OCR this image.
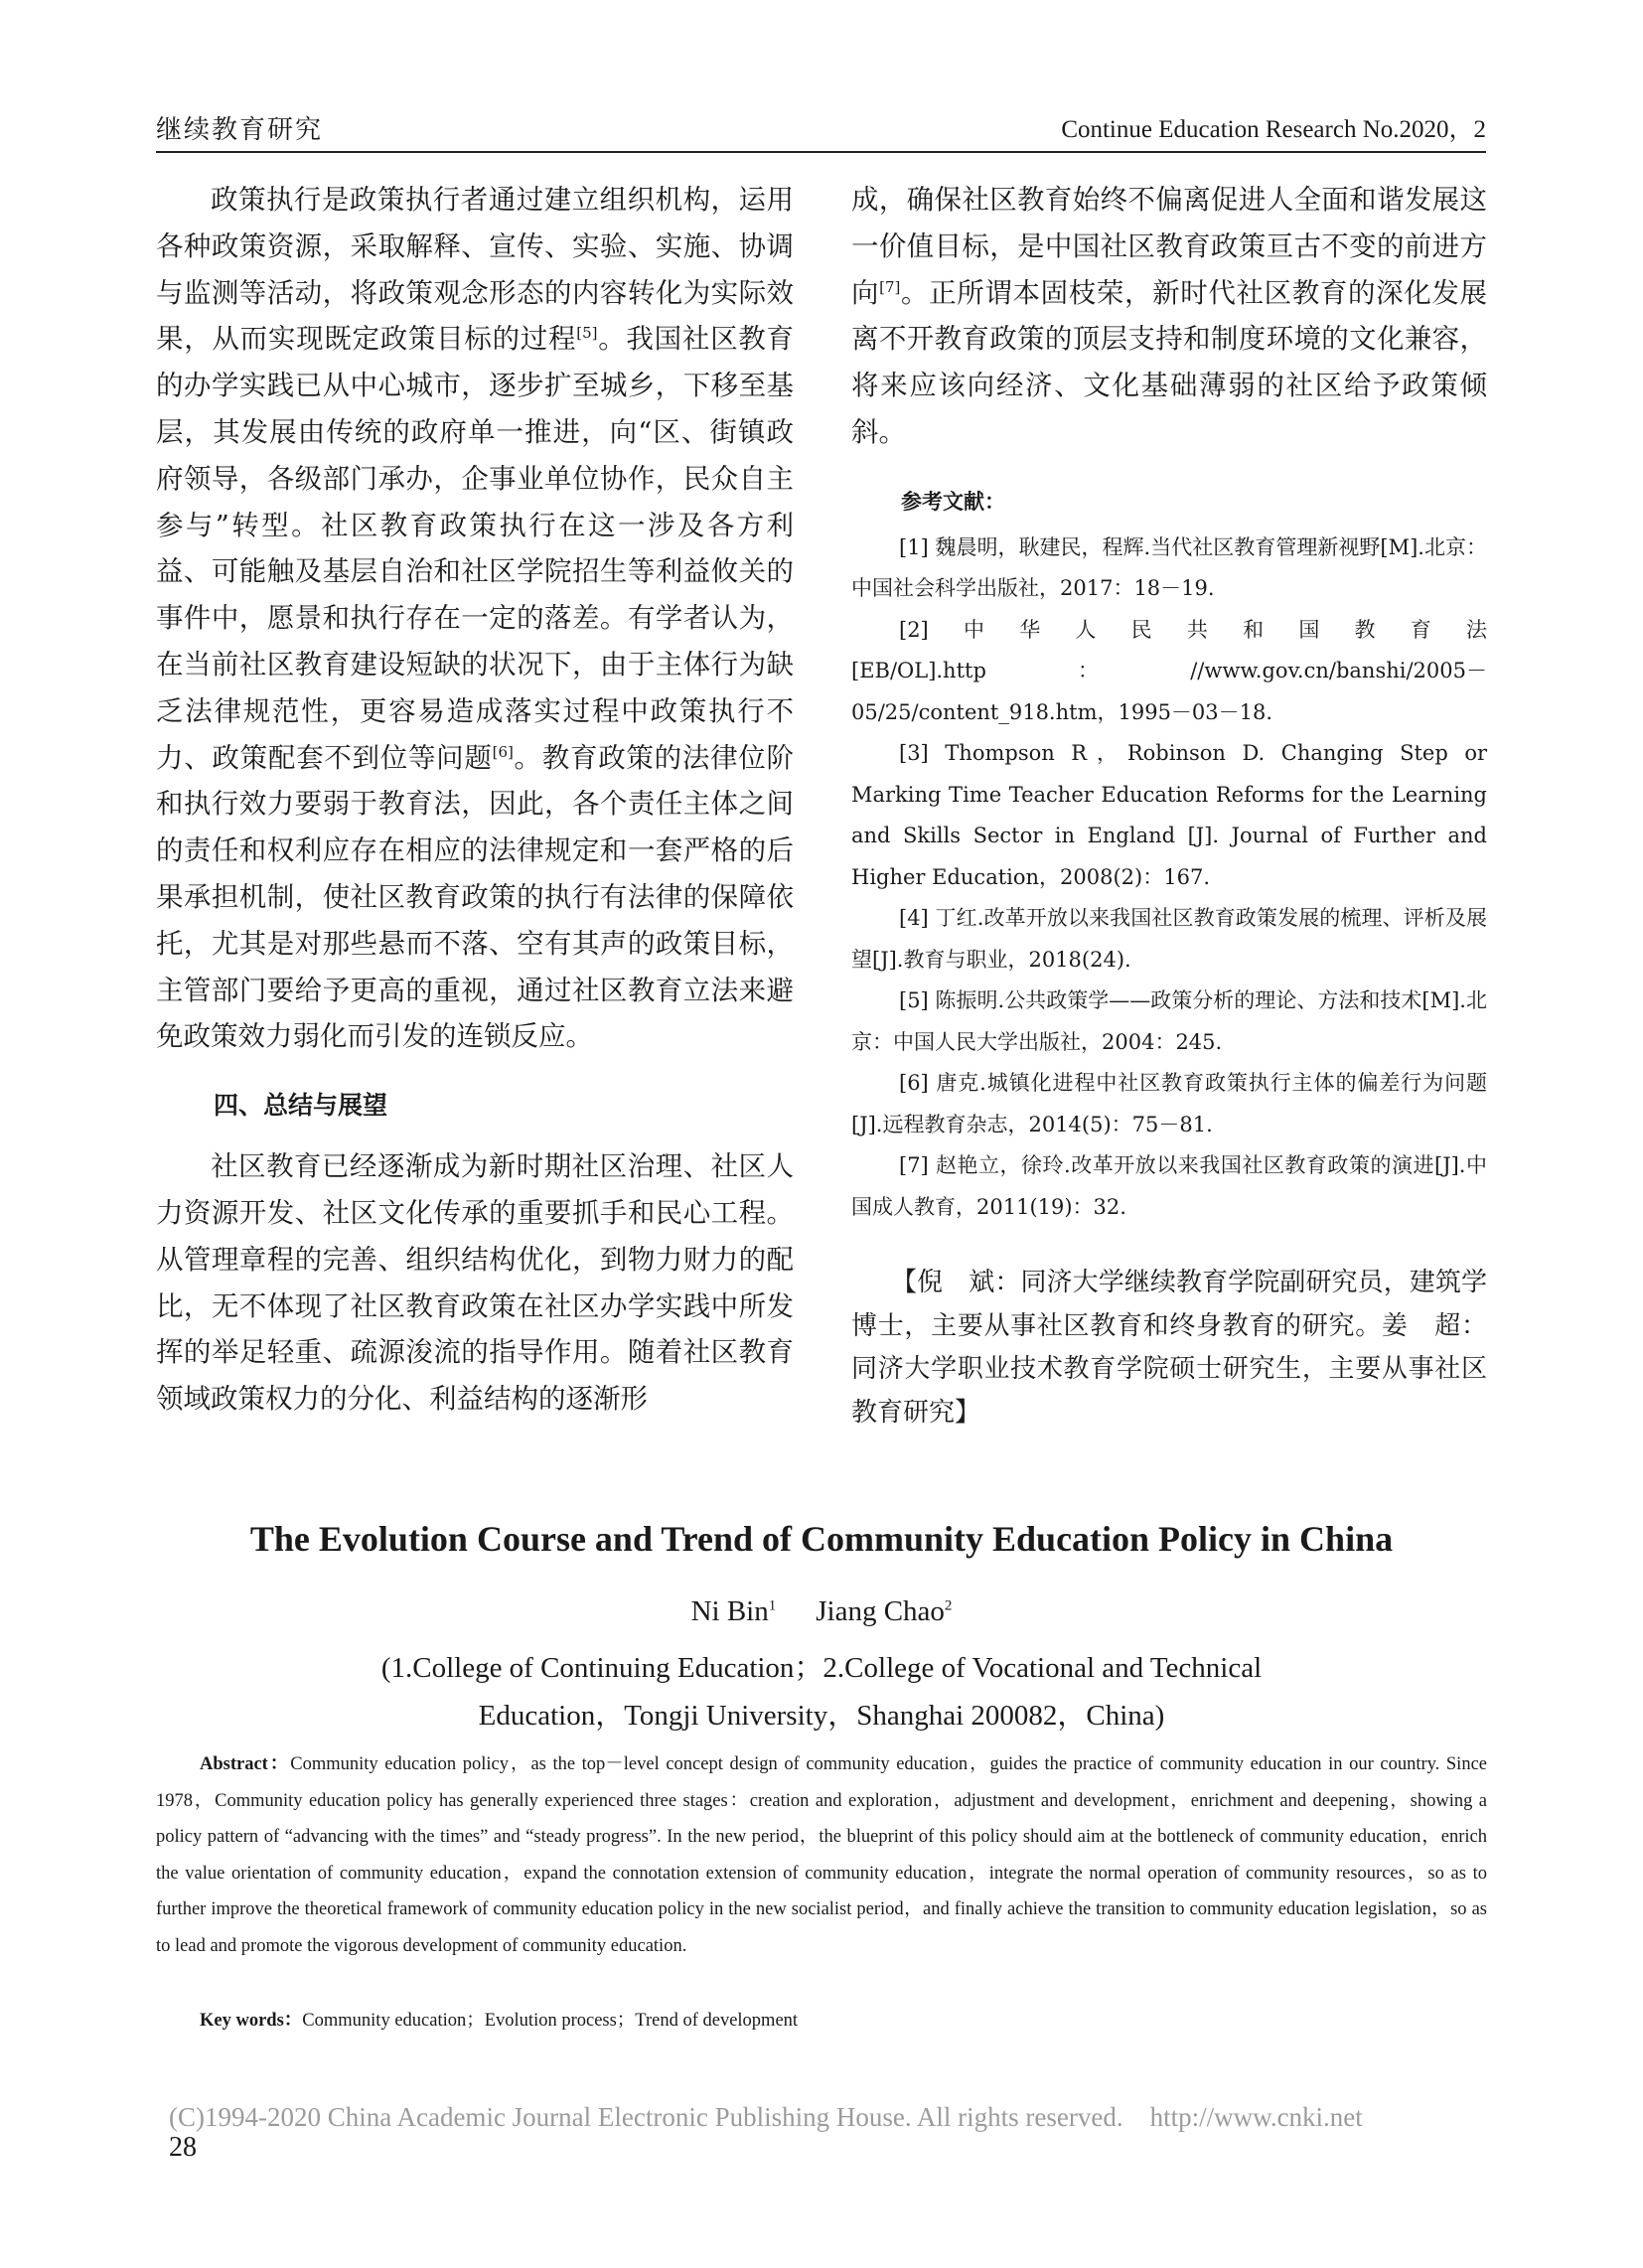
继续教育研究	Continue Education Research No.2020，2

政策执行是政策执行者通过建立组织机构，运用各种政策资源，采取解释、宣传、实验、实施、协调与监测等活动，将政策观念形态的内容转化为实际效果，从而实现既定政策目标的过程[5]。我国社区教育的办学实践已从中心城市，逐步扩至城乡，下移至基层，其发展由传统的政府单一推进，向“区、街镇政府领导，各级部门承办，企事业单位协作，民众自主参与”转型。社区教育政策执行在这一涉及各方利益、可能触及基层自治和社区学院招生等利益攸关的事件中，愿景和执行存在一定的落差。有学者认为，在当前社区教育建设短缺的状况下，由于主体行为缺乏法律规范性，更容易造成落实过程中政策执行不力、政策配套不到位等问题[6]。教育政策的法律位阶和执行效力要弱于教育法，因此，各个责任主体之间的责任和权利应存在相应的法律规定和一套严格的后果承担机制，使社区教育政策的执行有法律的保障依托，尤其是对那些悬而不落、空有其声的政策目标，主管部门要给予更高的重视，通过社区教育立法来避免政策效力弱化而引发的连锁反应。

四、总结与展望

社区教育已经逐渐成为新时期社区治理、社区人力资源开发、社区文化传承的重要抓手和民心工程。从管理章程的完善、组织结构优化，到物力财力的配比，无不体现了社区教育政策在社区办学实践中所发挥的举足轻重、疏源浚流的指导作用。随着社区教育领域政策权力的分化、利益结构的逐渐形

成，确保社区教育始终不偏离促进人全面和谐发展这一价值目标，是中国社区教育政策亘古不变的前进方向[7]。正所谓本固枝荣，新时代社区教育的深化发展离不开教育政策的顶层支持和制度环境的文化兼容，将来应该向经济、文化基础薄弱的社区给予政策倾斜。

参考文献：

[1] 魏晨明，耿建民，程辉.当代社区教育管理新视野[M].北京：中国社会科学出版社，2017：18－19.

[2]中华人民共和国教育法[EB/OL].http：//www.gov.cn/banshi/2005－05/25/content_918.htm，1995－03－18.

[3] Thompson R，Robinson D. Changing Step or Marking Time Teacher Education Reforms for the Learning and Skills Sector in England [J]. Journal of Further and Higher Education，2008(2)：167.

[4] 丁红.改革开放以来我国社区教育政策发展的梳理、评析及展望[J].教育与职业，2018(24).

[5] 陈振明.公共政策学——政策分析的理论、方法和技术[M].北京：中国人民大学出版社，2004：245.

[6] 唐克.城镇化进程中社区教育政策执行主体的偏差行为问题[J].远程教育杂志，2014(5)：75－81.

[7] 赵艳立，徐玲.改革开放以来我国社区教育政策的演进[J].中国成人教育，2011(19)：32.

【倪　斌：同济大学继续教育学院副研究员，建筑学博士，主要从事社区教育和终身教育的研究。姜　超：同济大学职业技术教育学院硕士研究生，主要从事社区教育研究】

The Evolution Course and Trend of Community Education Policy in China
Ni Bin$^1$ Jiang Chao$^2$
(1.College of Continuing Education；2.College of Vocational and Technical
Education，Tongji University，Shanghai 200082，China)

Abstract：Community education policy，as the top－level concept design of community education，guides the practice of community education in our country. Since 1978，Community education policy has generally experienced three stages：creation and exploration，adjustment and development，enrichment and deepening，showing a policy pattern of “advancing with the times” and “steady progress”. In the new period，the blueprint of this policy should aim at the bottleneck of community education，enrich the value orientation of community education，expand the connotation extension of community education，integrate the normal operation of community resources，so as to further improve the theoretical framework of community education policy in the new socialist period，and finally achieve the transition to community education legislation，so as to lead and promote the vigorous development of community education.

Key words：Community education；Evolution process；Trend of development
(C)1994-2020 China Academic Journal Electronic Publishing House. All rights reserved.    http://www.cnki.net
28
